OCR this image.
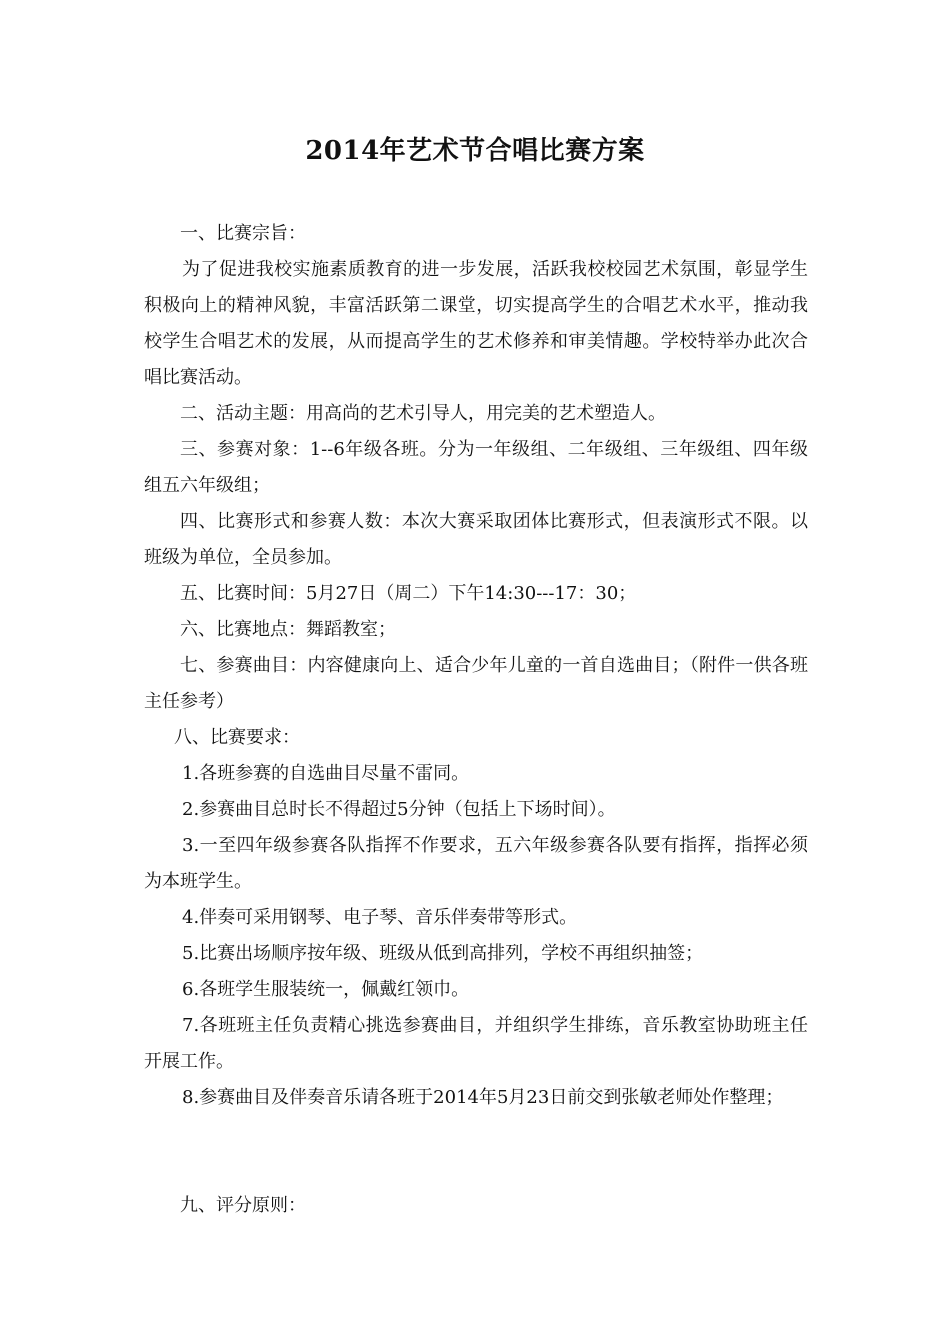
2014年艺术节合唱比赛方案

一、比赛宗旨：

为了促进我校实施素质教育的进一步发展，活跃我校校园艺术氛围，彰显学生积极向上的精神风貌，丰富活跃第二课堂，切实提高学生的合唱艺术水平，推动我校学生合唱艺术的发展，从而提高学生的艺术修养和审美情趣。学校特举办此次合唱比赛活动。

二、活动主题：用高尚的艺术引导人，用完美的艺术塑造人。

三、参赛对象：1--6年级各班。分为一年级组、二年级组、三年级组、四年级组五六年级组；

四、比赛形式和参赛人数：本次大赛采取团体比赛形式，但表演形式不限。以班级为单位，全员参加。

五、比赛时间：5月27日（周二）下午14:30---17：30；

六、比赛地点：舞蹈教室；

七、参赛曲目：内容健康向上、适合少年儿童的一首自选曲目；（附件一供各班主任参考）

八、比赛要求：

1.各班参赛的自选曲目尽量不雷同。

2.参赛曲目总时长不得超过5分钟（包括上下场时间）。

3.一至四年级参赛各队指挥不作要求，五六年级参赛各队要有指挥，指挥必须为本班学生。

4.伴奏可采用钢琴、电子琴、音乐伴奏带等形式。

5.比赛出场顺序按年级、班级从低到高排列，学校不再组织抽签；

6.各班学生服装统一，佩戴红领巾。

7.各班班主任负责精心挑选参赛曲目，并组织学生排练，音乐教室协助班主任开展工作。

8.参赛曲目及伴奏音乐请各班于2014年5月23日前交到张敏老师处作整理；

九、评分原则：
